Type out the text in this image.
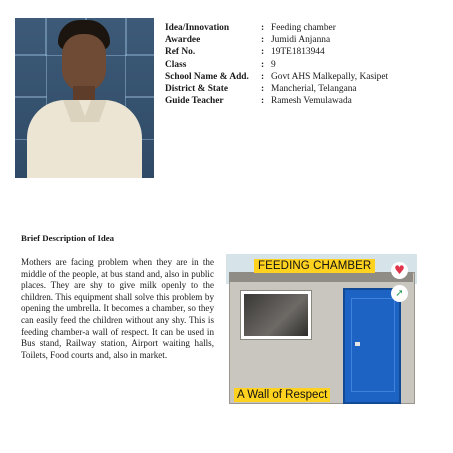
Idea/Innovation	: Feeding chamber
Awardee	: Jumidi Anjanna
Ref No.	: 19TE1813944
Class	: 9
School Name & Add.	: Govt AHS Malkepally, Kasipet
District & State	: Mancherial, Telangana
Guide Teacher	: Ramesh Vemulawada
Brief Description of Idea
Mothers are facing problem when they are in the middle of the people, at bus stand and, also in public places. They are shy to give milk openly to the children. This equipment shall solve this problem by opening the umbrella. It becomes a chamber, so they can easily feed the children without any shy. This is feeding chamber-a wall of respect. It can be used in Bus stand, Railway station, Airport waiting halls, Toilets, Food courts and, also in market.
FEEDING CHAMBER	♥
➚
A Wall of Respect
